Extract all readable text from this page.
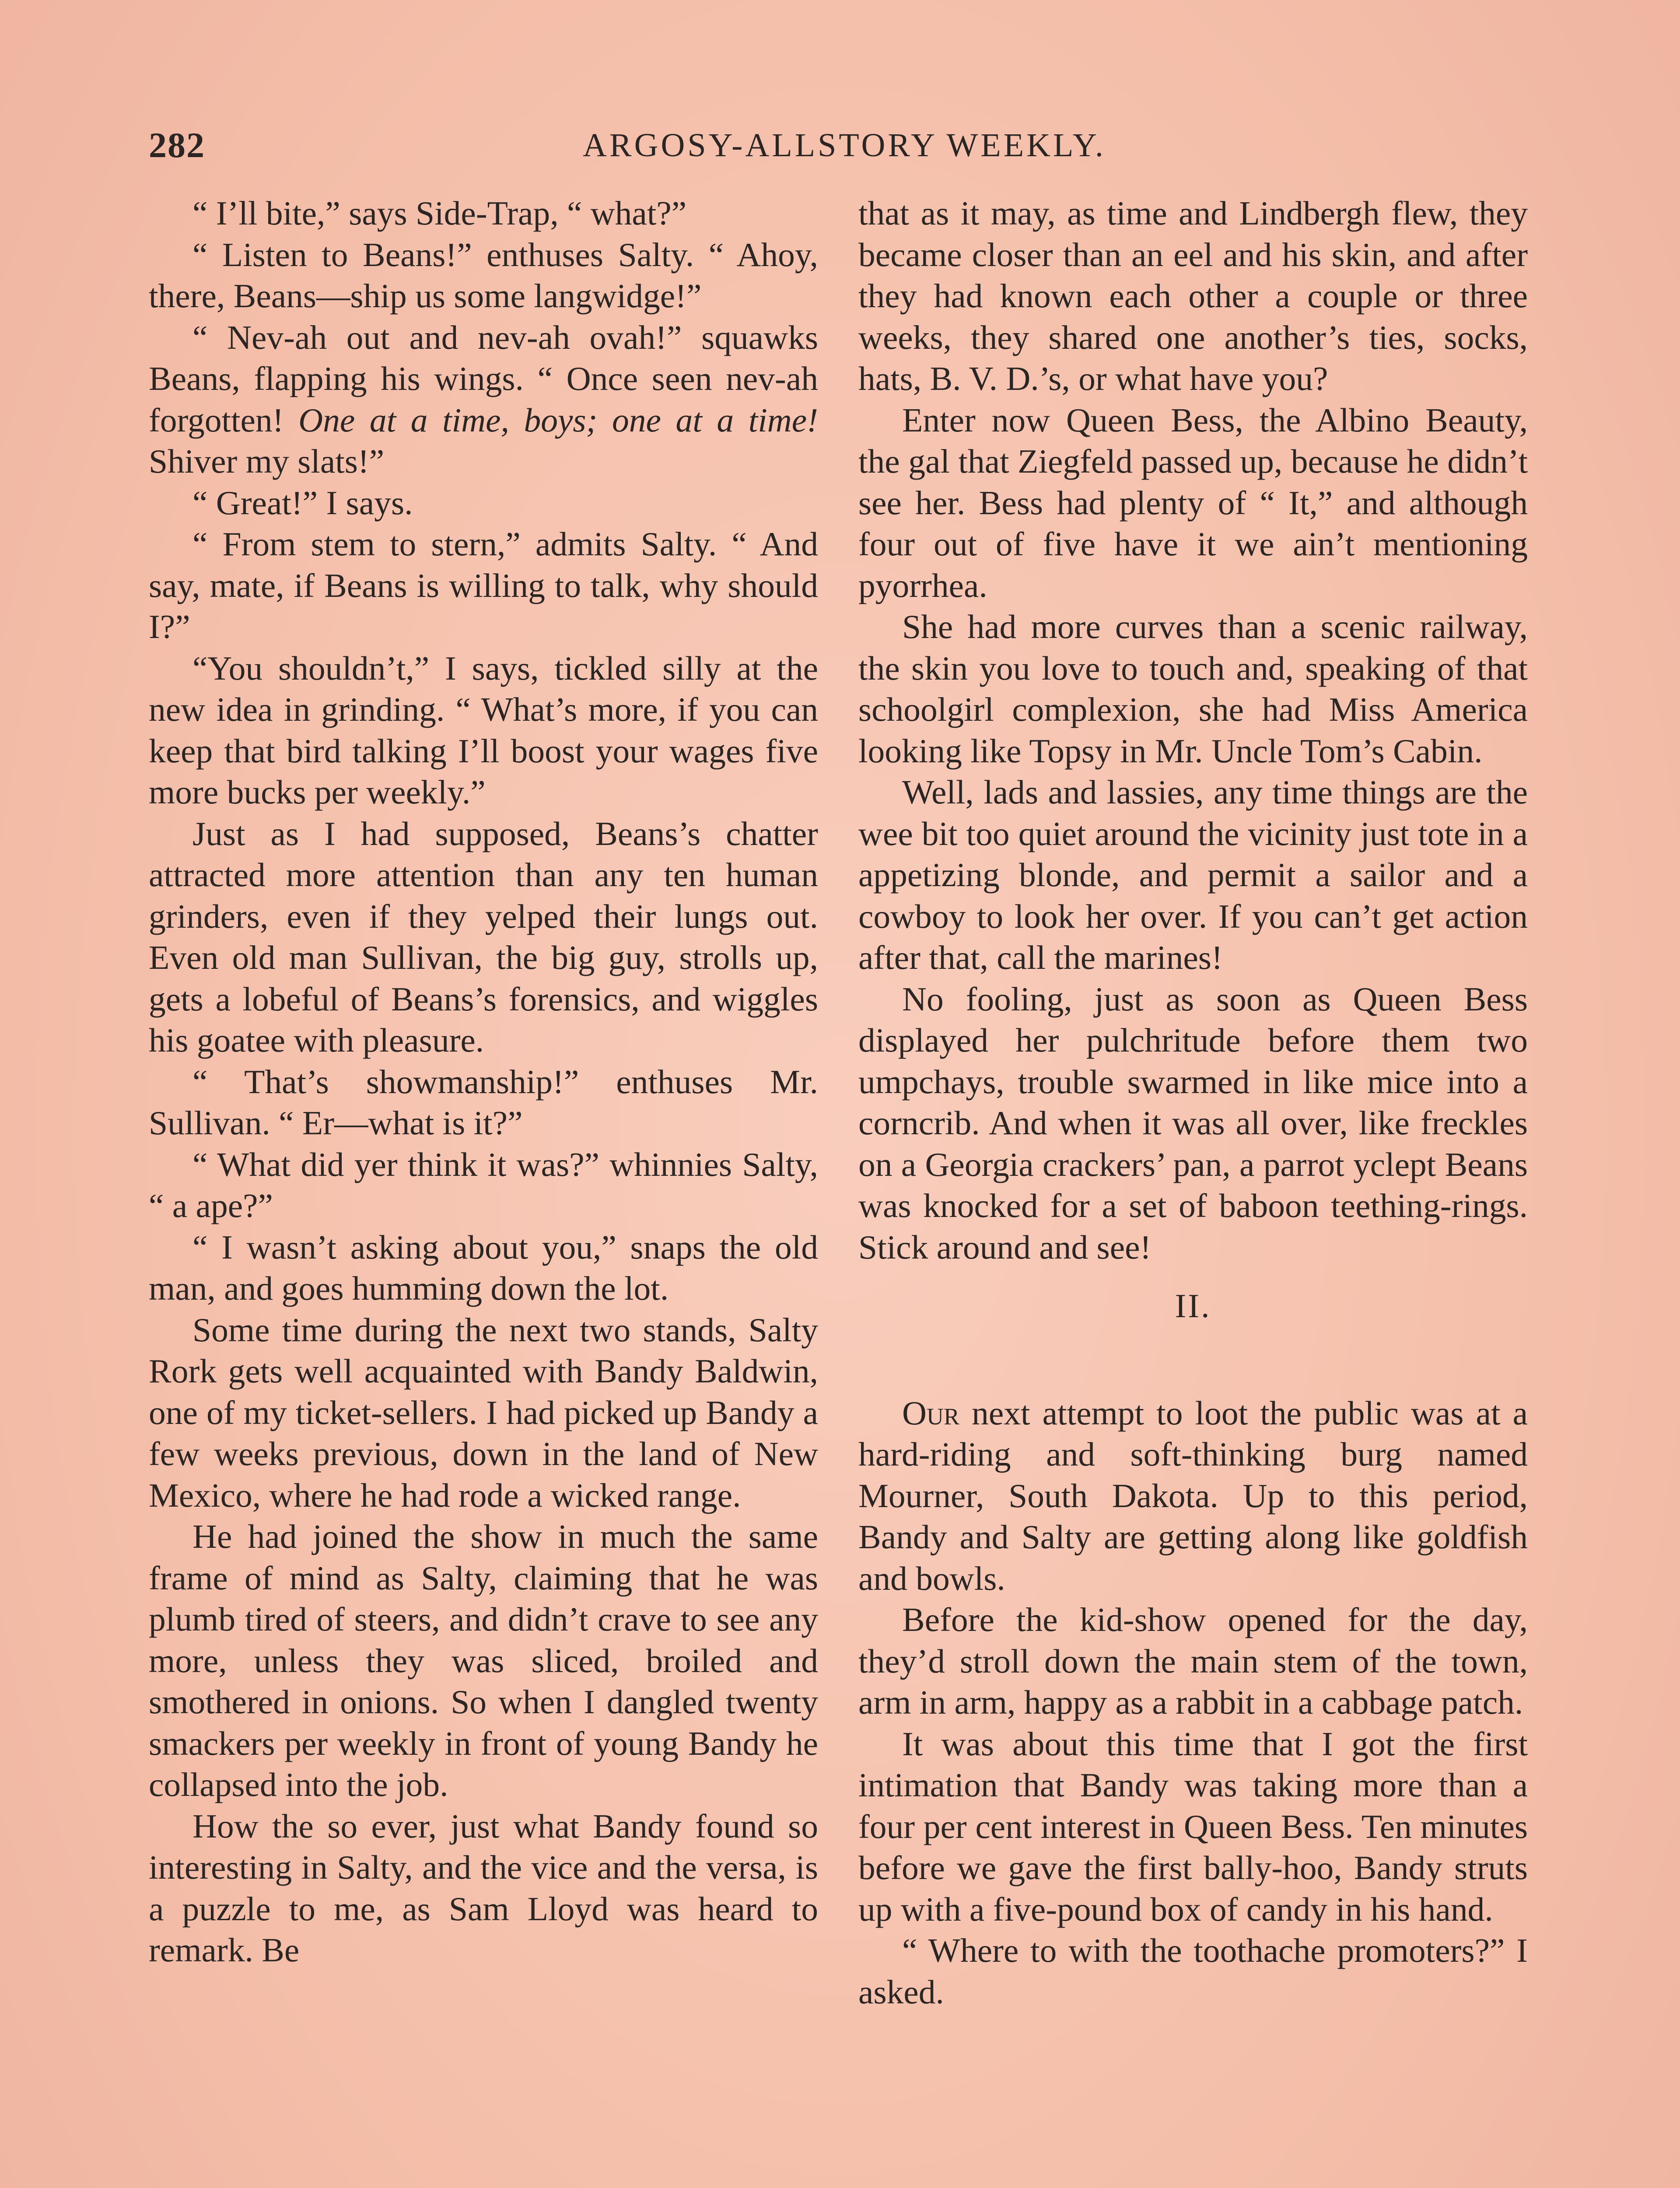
282	ARGOSY-ALLSTORY WEEKLY.

“ I’ll bite,” says Side-Trap, “ what?”

“ Listen to Beans!” enthuses Salty. “ Ahoy, there, Beans—ship us some langwidge!”

“ Nev-ah out and nev-ah ovah!” squawks Beans, flapping his wings. “ Once seen nev-ah forgotten! One at a time, boys; one at a time! Shiver my slats!”

“ Great!” I says.

“ From stem to stern,” admits Salty. “ And say, mate, if Beans is willing to talk, why should I?”

“You shouldn’t,” I says, tickled silly at the new idea in grinding. “ What’s more, if you can keep that bird talking I’ll boost your wages five more bucks per weekly.”

Just as I had supposed, Beans’s chatter attracted more attention than any ten human grinders, even if they yelped their lungs out. Even old man Sullivan, the big guy, strolls up, gets a lobeful of Beans’s forensics, and wiggles his goatee with pleasure.

“ That’s showmanship!” enthuses Mr. Sullivan. “ Er—what is it?”

“ What did yer think it was?” whinnies Salty, “ a ape?”

“ I wasn’t asking about you,” snaps the old man, and goes humming down the lot.

Some time during the next two stands, Salty Rork gets well acquainted with Bandy Baldwin, one of my ticket-sellers. I had picked up Bandy a few weeks previous, down in the land of New Mexico, where he had rode a wicked range.

He had joined the show in much the same frame of mind as Salty, claiming that he was plumb tired of steers, and didn’t crave to see any more, unless they was sliced, broiled and smothered in onions. So when I dangled twenty smackers per weekly in front of young Bandy he collapsed into the job.

How the so ever, just what Bandy found so interesting in Salty, and the vice and the versa, is a puzzle to me, as Sam Lloyd was heard to remark. Be

that as it may, as time and Lindbergh flew, they became closer than an eel and his skin, and after they had known each other a couple or three weeks, they shared one another’s ties, socks, hats, B. V. D.’s, or what have you?

Enter now Queen Bess, the Albino Beauty, the gal that Ziegfeld passed up, because he didn’t see her. Bess had plenty of “ It,” and although four out of five have it we ain’t mentioning pyorrhea.

She had more curves than a scenic railway, the skin you love to touch and, speaking of that schoolgirl complexion, she had Miss America looking like Topsy in Mr. Uncle Tom’s Cabin.

Well, lads and lassies, any time things are the wee bit too quiet around the vicinity just tote in a appetizing blonde, and permit a sailor and a cowboy to look her over. If you can’t get action after that, call the marines!

No fooling, just as soon as Queen Bess displayed her pulchritude before them two umpchays, trouble swarmed in like mice into a corncrib. And when it was all over, like freckles on a Georgia crackers’ pan, a parrot yclept Beans was knocked for a set of baboon teething-rings. Stick around and see!

II.

Our next attempt to loot the public was at a hard-riding and soft-thinking burg named Mourner, South Dakota. Up to this period, Bandy and Salty are getting along like goldfish and bowls.

Before the kid-show opened for the day, they’d stroll down the main stem of the town, arm in arm, happy as a rabbit in a cabbage patch.

It was about this time that I got the first intimation that Bandy was taking more than a four per cent interest in Queen Bess. Ten minutes before we gave the first bally-hoo, Bandy struts up with a five-pound box of candy in his hand.

“ Where to with the toothache promoters?” I asked.
